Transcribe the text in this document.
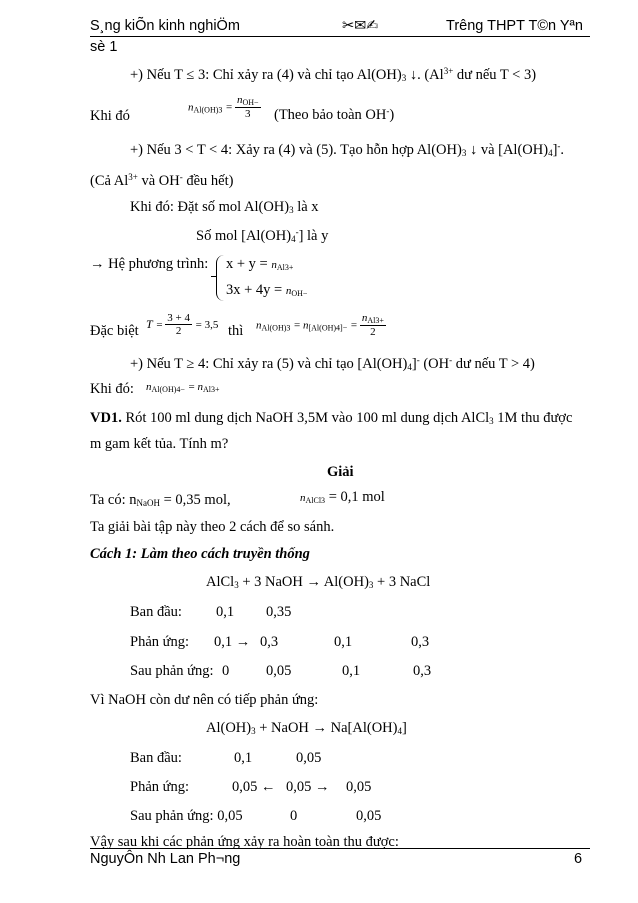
S¸ng kiÕn kinh nghiÖm	✂✉✍	Trêng THPT T©n Yªn
sè 1
+) Nếu T ≤ 3: Chỉ xảy ra (4) và chỉ tạo $Al(OH)_3$ ↓. ($Al^{3+}$ dư nếu T < 3)
Khi đó
$n_{Al(OH)3} = \frac{n_{OH-}}{3}$ (Theo bảo toàn OH-)
+) Nếu 3 < T < 4: Xảy ra (4) và (5). Tạo hỗn hợp $Al(OH)_3$ ↓ và $[Al(OH)_4]^-$.
(Cả $Al^{3+}$ và OH- đều hết)
Khi đó: Đặt số mol $Al(OH)_3$ là x
Số mol $[Al(OH)_4^-]$ là y
→ Hệ phương trình: $x + y = n_{Al3+}$
$3x + 4y = n_{OH-}$
Đặc biệt $T = \frac{3 + 4}{2} = 3,5$ thì $n_{Al(OH)3} = n_{[Al(OH)4]-} = \frac{n_{Al3+}}{2}$
+) Nếu T ≥ 4: Chỉ xảy ra (5) và chỉ tạo $[Al(OH)_4]^-$ (OH- dư nếu T > 4)
Khi đó: $n_{Al(OH)4-} = n_{Al3+}$
VD1. Rót 100 ml dung dịch NaOH 3,5M vào 100 ml dung dịch AlCl$_3$ 1M thu được
m gam kết tủa. Tính m?
Giải
Ta có: $n_{NaOH} = 0,35$ mol,	$n_{AlCl3} = 0,1$ mol
Ta giải bài tập này theo 2 cách để so sánh.
Cách 1: Làm theo cách truyền thống
AlCl$_3$ + 3 NaOH → $Al(OH)_3 + 3$ NaCl
Ban đầu: 0,1 0,35
Phản ứng: 0,1 → 0,3	0,1	0,3
Sau phản ứng: 0	0,05	0,1	0,3
Vì NaOH còn dư nên có tiếp phản ứng:
$Al(OH)_3$ + NaOH → $Na[Al(OH)_4]$
Ban đầu:	0,1	0,05
Phản ứng:	0,05 ← 0,05 → 0,05
Sau phản ứng: 0,05	0	0,05
Vậy sau khi các phản ứng xảy ra hoàn toàn thu được:
NguyÔn Nh Lan Ph¬ng	6
